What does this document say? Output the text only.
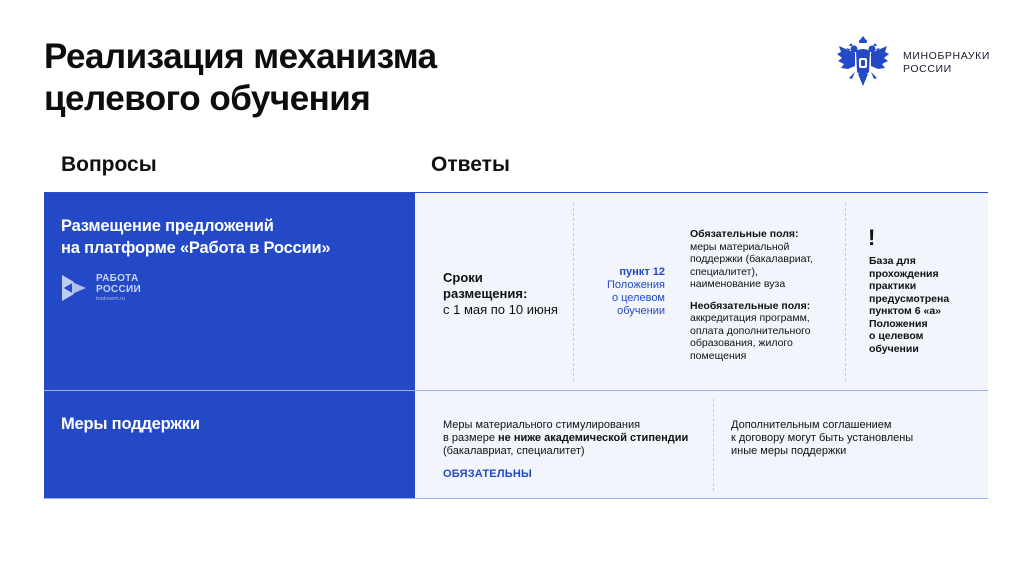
Реализация механизма
целевого обучения
МИНОБРНАУКИ
РОССИИ
Вопросы	Ответы
Размещение предложений
на платформе «Работа в России»
РАБОТА
РОССИИ
trudvsem.ru
Сроки
размещения:
с 1 мая по 10 июня
пункт 12
Положения
о целевом
обучении
Обязательные поля:
меры материальной
поддержки (бакалавриат,
специалитет),
наименование вуза
Необязательные поля:
аккредитация программ,
оплата дополнительного
образования, жилого
помещения
!
База для
прохождения
практики
предусмотрена
пунктом 6 «а»
Положения
о целевом
обучении
Меры поддержки	Меры материального стимулирования
в размере не ниже академической стипендии
(бакалавриат, специалитет)
ОБЯЗАТЕЛЬНЫ
Дополнительным соглашением
к договору могут быть установлены
иные меры поддержки
